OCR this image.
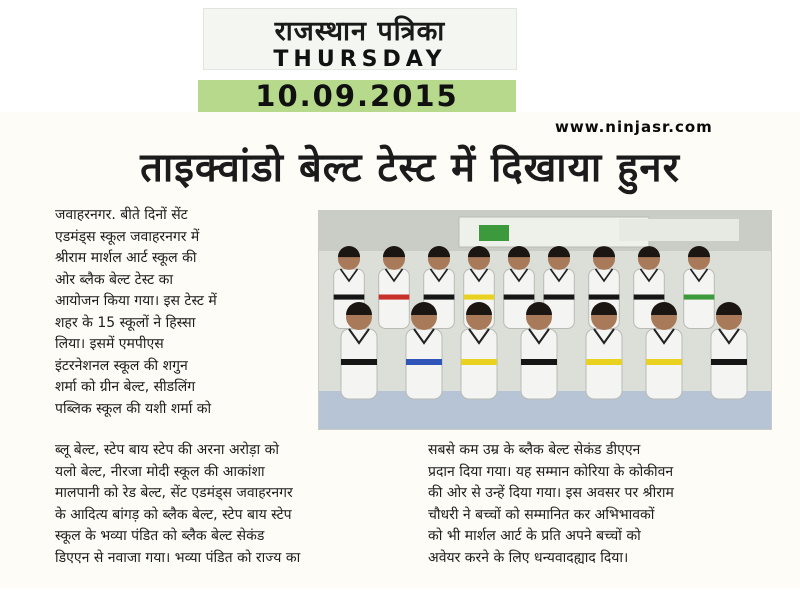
राजस्थान पत्रिका
THURSDAY
10.09.2015
www.ninjasr.com
ताइक्वांडो बेल्ट टेस्ट में दिखाया हुनर
जवाहरनगर. बीते दिनों सेंट
एडमंड्स स्कूल जवाहरनगर में
श्रीराम मार्शल आर्ट स्कूल की
ओर ब्लैक बेल्ट टेस्ट का
आयोजन किया गया। इस टेस्ट में
शहर के 15 स्कूलों ने हिस्सा
लिया। इसमें एमपीएस
इंटरनेशनल स्कूल की शगुन
शर्मा को ग्रीन बेल्ट, सीडलिंग
पब्लिक स्कूल की यशी शर्मा को
ब्लू बेल्ट, स्टेप बाय स्टेप की अरना अरोड़ा को
यलो बेल्ट, नीरजा मोदी स्कूल की आकांशा
मालपानी को रेड बेल्ट, सेंट एडमंड्स जवाहरनगर
के आदित्य बांगड़ को ब्लैक बेल्ट, स्टेप बाय स्टेप
स्कूल के भव्या पंडित को ब्लैक बेल्ट सेकंड
डिएएन से नवाजा गया। भव्या पंडित को राज्य का
सबसे कम उम्र के ब्लैक बेल्ट सेकंड डीएएन
प्रदान दिया गया। यह सम्मान कोरिया के कोकीवन
की ओर से उन्हें दिया गया। इस अवसर पर श्रीराम
चौधरी ने बच्चों को सम्मानित कर अभिभावकों
को भी मार्शल आर्ट के प्रति अपने बच्चों को
अवेयर करने के लिए धन्यवादह्याद दिया।
